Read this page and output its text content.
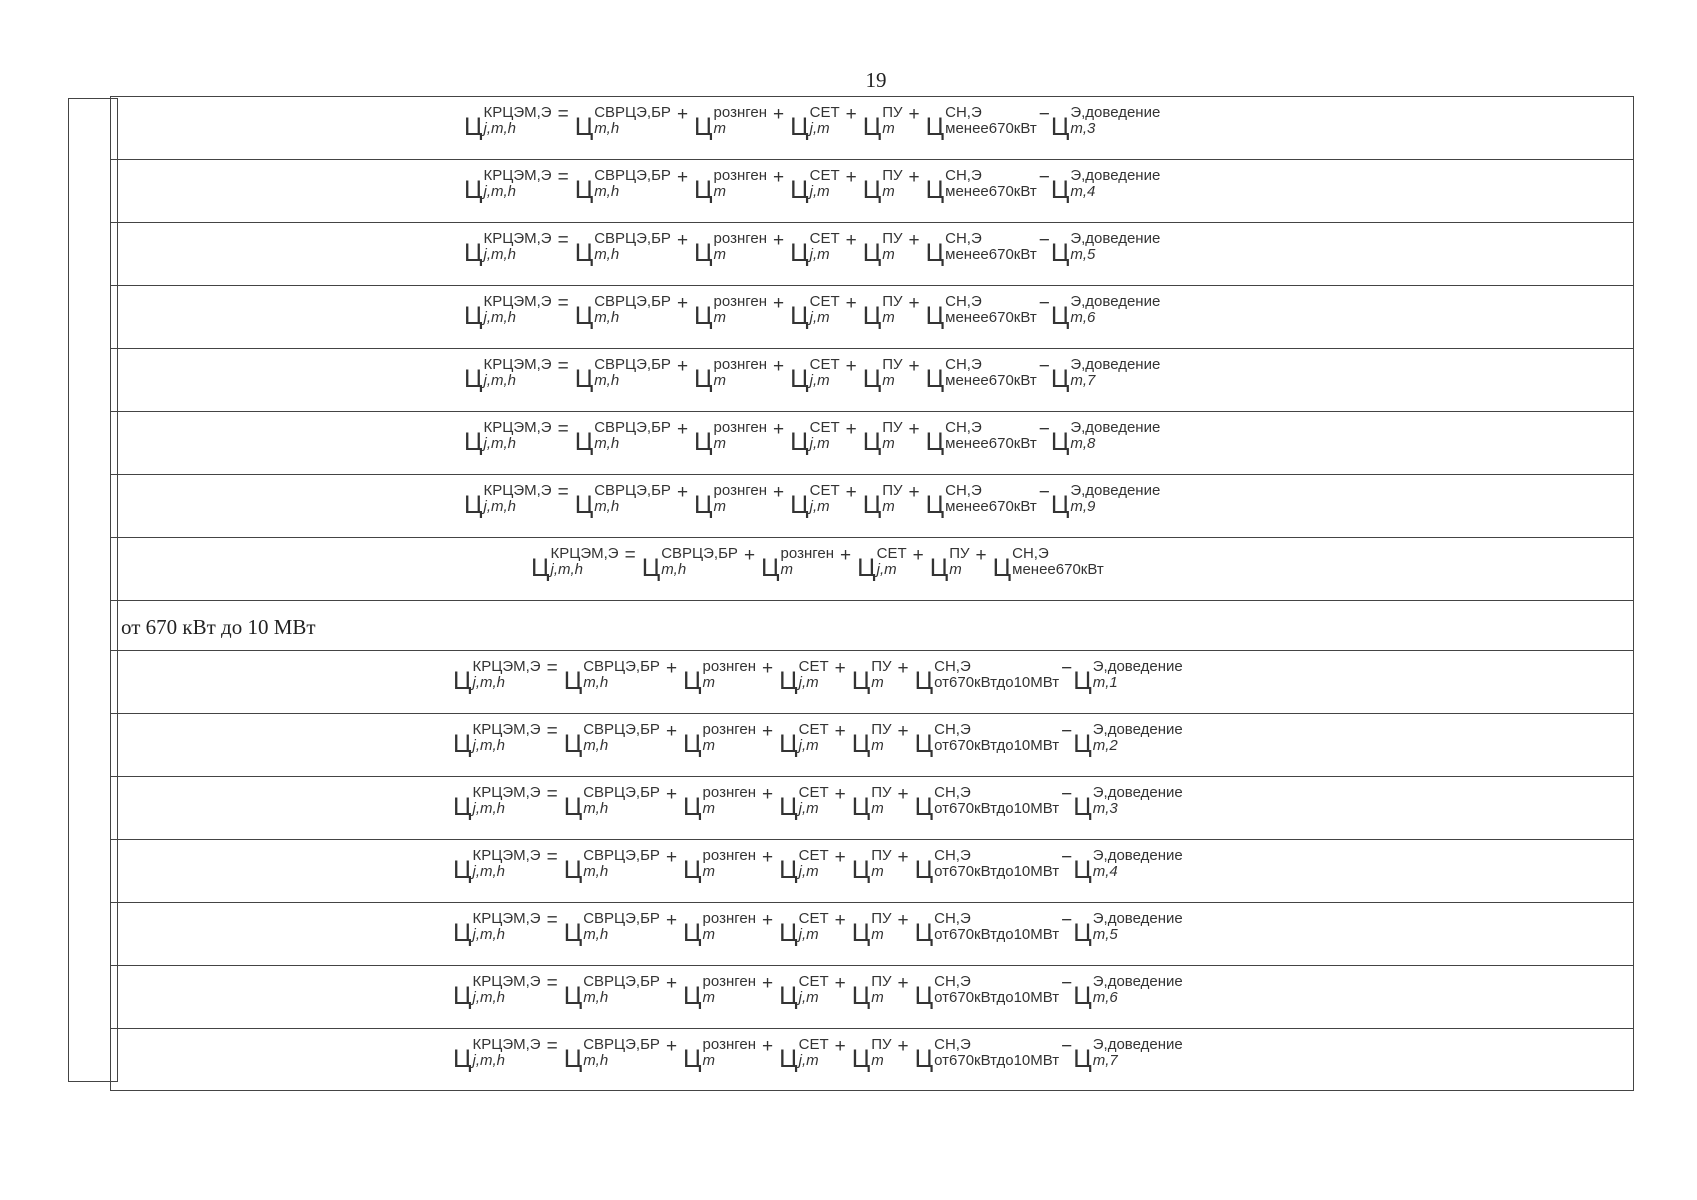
19
Ц
КРЦЭМ,Э
j,m,h
= Ц
СВРЦЭ,БР
m,h
+ Ц
рознген
m
+ Ц
СЕТ
j,m
+ Ц
ПУ
m
+ Ц
СН,Э
менее670кВт
−Ц
Э,доведение
m,3
Ц
КРЦЭМ,Э
j,m,h
= Ц
СВРЦЭ,БР
m,h
+ Ц
рознген
m
+ Ц
СЕТ
j,m
+ Ц
ПУ
m
+ Ц
СН,Э
менее670кВт
−Ц
Э,доведение
m,4
Ц
КРЦЭМ,Э
j,m,h
= Ц
СВРЦЭ,БР
m,h
+ Ц
рознген
m
+ Ц
СЕТ
j,m
+ Ц
ПУ
m
+ Ц
СН,Э
менее670кВт
−Ц
Э,доведение
m,5
Ц
КРЦЭМ,Э
j,m,h
= Ц
СВРЦЭ,БР
m,h
+ Ц
рознген
m
+ Ц
СЕТ
j,m
+ Ц
ПУ
m
+ Ц
СН,Э
менее670кВт
−Ц
Э,доведение
m,6
Ц
КРЦЭМ,Э
j,m,h
= Ц
СВРЦЭ,БР
m,h
+ Ц
рознген
m
+ Ц
СЕТ
j,m
+ Ц
ПУ
m
+ Ц
СН,Э
менее670кВт
−Ц
Э,доведение
m,7
Ц
КРЦЭМ,Э
j,m,h
= Ц
СВРЦЭ,БР
m,h
+ Ц
рознген
m
+ Ц
СЕТ
j,m
+ Ц
ПУ
m
+ Ц
СН,Э
менее670кВт
−Ц
Э,доведение
m,8
Ц
КРЦЭМ,Э
j,m,h
= Ц
СВРЦЭ,БР
m,h
+ Ц
рознген
m
+ Ц
СЕТ
j,m
+ Ц
ПУ
m
+ Ц
СН,Э
менее670кВт
−Ц
Э,доведение
m,9
Ц
КРЦЭМ,Э
j,m,h
= Ц
СВРЦЭ,БР
m,h
+ Ц
рознген
m
+ Ц
СЕТ
j,m
+ Ц
ПУ
m
+ Ц
СН,Э
менее670кВт
от 670 кВт до 10 МВт
Ц
КРЦЭМ,Э
j,m,h
= Ц
СВРЦЭ,БР
m,h
+ Ц
рознген
m
+ Ц
СЕТ
j,m
+ Ц
ПУ
m
+ Ц
СН,Э
от670кВтдо10МВт
−Ц
Э,доведение
m,1
Ц
КРЦЭМ,Э
j,m,h
= Ц
СВРЦЭ,БР
m,h
+ Ц
рознген
m
+ Ц
СЕТ
j,m
+ Ц
ПУ
m
+ Ц
СН,Э
от670кВтдо10МВт
−Ц
Э,доведение
m,2
Ц
КРЦЭМ,Э
j,m,h
= Ц
СВРЦЭ,БР
m,h
+ Ц
рознген
m
+ Ц
СЕТ
j,m
+ Ц
ПУ
m
+ Ц
СН,Э
от670кВтдо10МВт
−Ц
Э,доведение
m,3
Ц
КРЦЭМ,Э
j,m,h
= Ц
СВРЦЭ,БР
m,h
+ Ц
рознген
m
+ Ц
СЕТ
j,m
+ Ц
ПУ
m
+ Ц
СН,Э
от670кВтдо10МВт
−Ц
Э,доведение
m,4
Ц
КРЦЭМ,Э
j,m,h
= Ц
СВРЦЭ,БР
m,h
+ Ц
рознген
m
+ Ц
СЕТ
j,m
+ Ц
ПУ
m
+ Ц
СН,Э
от670кВтдо10МВт
−Ц
Э,доведение
m,5
Ц
КРЦЭМ,Э
j,m,h
= Ц
СВРЦЭ,БР
m,h
+ Ц
рознген
m
+ Ц
СЕТ
j,m
+ Ц
ПУ
m
+ Ц
СН,Э
от670кВтдо10МВт
−Ц
Э,доведение
m,6
Ц
КРЦЭМ,Э
j,m,h
= Ц
СВРЦЭ,БР
m,h
+ Ц
рознген
m
+ Ц
СЕТ
j,m
+ Ц
ПУ
m
+ Ц
СН,Э
от670кВтдо10МВт
−Ц
Э,доведение
m,7
